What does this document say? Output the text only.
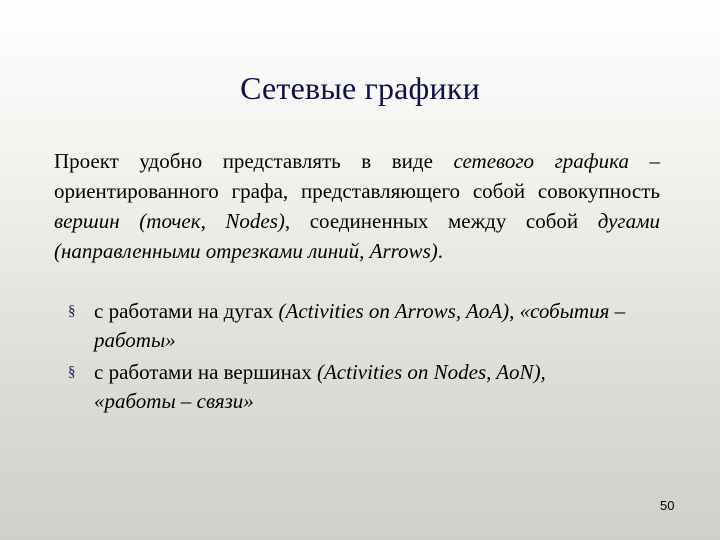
Сетевые графики
Проект удобно представлять в виде сетевого графика – ориентированного графа, представляющего собой совокупность вершин (точек, Nodes), соединенных между собой дугами (направленными отрезками линий, Arrows).
§ с работами на дугах (Activities on Arrows, AoA), «события – работы»
§ с работами на вершинах (Activities on Nodes, AoN), «работы – связи»
50
